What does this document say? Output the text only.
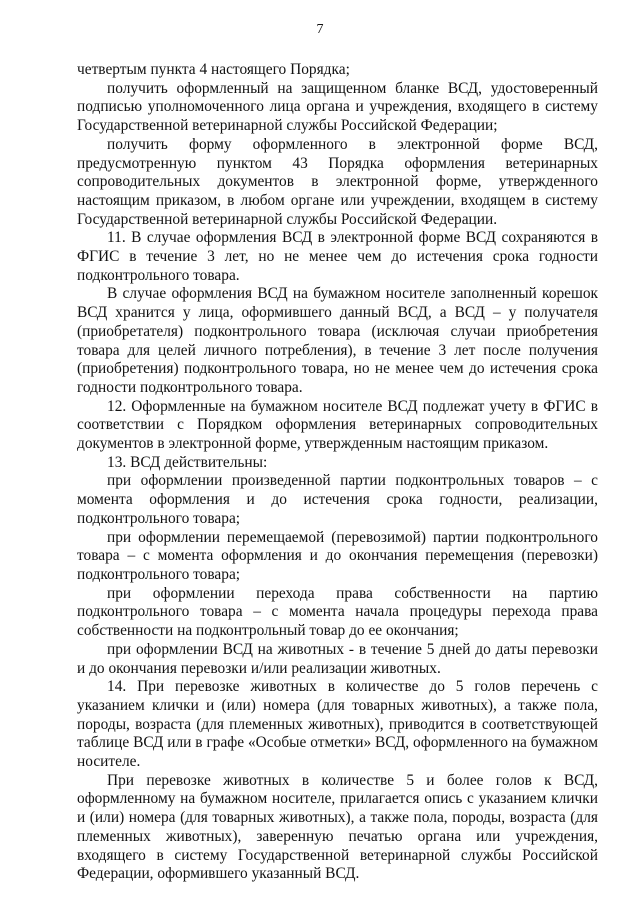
7

четвертым пункта 4 настоящего Порядка;

получить оформленный на защищенном бланке ВСД, удостоверенный подписью уполномоченного лица органа и учреждения, входящего в систему Государственной ветеринарной службы Российской Федерации;

получить форму оформленного в электронной форме ВСД, предусмотренную пунктом 43 Порядка оформления ветеринарных сопроводительных документов в электронной форме, утвержденного настоящим приказом, в любом органе или учреждении, входящем в систему Государственной ветеринарной службы Российской Федерации.

11. В случае оформления ВСД в электронной форме ВСД сохраняются в ФГИС в течение 3 лет, но не менее чем до истечения срока годности подконтрольного товара.

В случае оформления ВСД на бумажном носителе заполненный корешок ВСД хранится у лица, оформившего данный ВСД, а ВСД – у получателя (приобретателя) подконтрольного товара (исключая случаи приобретения товара для целей личного потребления), в течение 3 лет после получения (приобретения) подконтрольного товара, но не менее чем до истечения срока годности подконтрольного товара.

12. Оформленные на бумажном носителе ВСД подлежат учету в ФГИС в соответствии с Порядком оформления ветеринарных сопроводительных документов в электронной форме, утвержденным настоящим приказом.

13. ВСД действительны:

при оформлении произведенной партии подконтрольных товаров – с момента оформления и до истечения срока годности, реализации, подконтрольного товара;

при оформлении перемещаемой (перевозимой) партии подконтрольного товара – с момента оформления и до окончания перемещения (перевозки) подконтрольного товара;

при оформлении перехода права собственности на партию подконтрольного товара – с момента начала процедуры перехода права собственности на подконтрольный товар до ее окончания;

при оформлении ВСД на животных - в течение 5 дней до даты перевозки и до окончания перевозки и/или реализации животных.

14. При перевозке животных в количестве до 5 голов перечень с указанием клички и (или) номера (для товарных животных), а также пола, породы, возраста (для племенных животных), приводится в соответствующей таблице ВСД или в графе «Особые отметки» ВСД, оформленного на бумажном носителе.

При перевозке животных в количестве 5 и более голов к ВСД, оформленному на бумажном носителе, прилагается опись с указанием клички и (или) номера (для товарных животных), а также пола, породы, возраста (для племенных животных), заверенную печатью органа или учреждения, входящего в систему Государственной ветеринарной службы Российской Федерации, оформившего указанный ВСД.
